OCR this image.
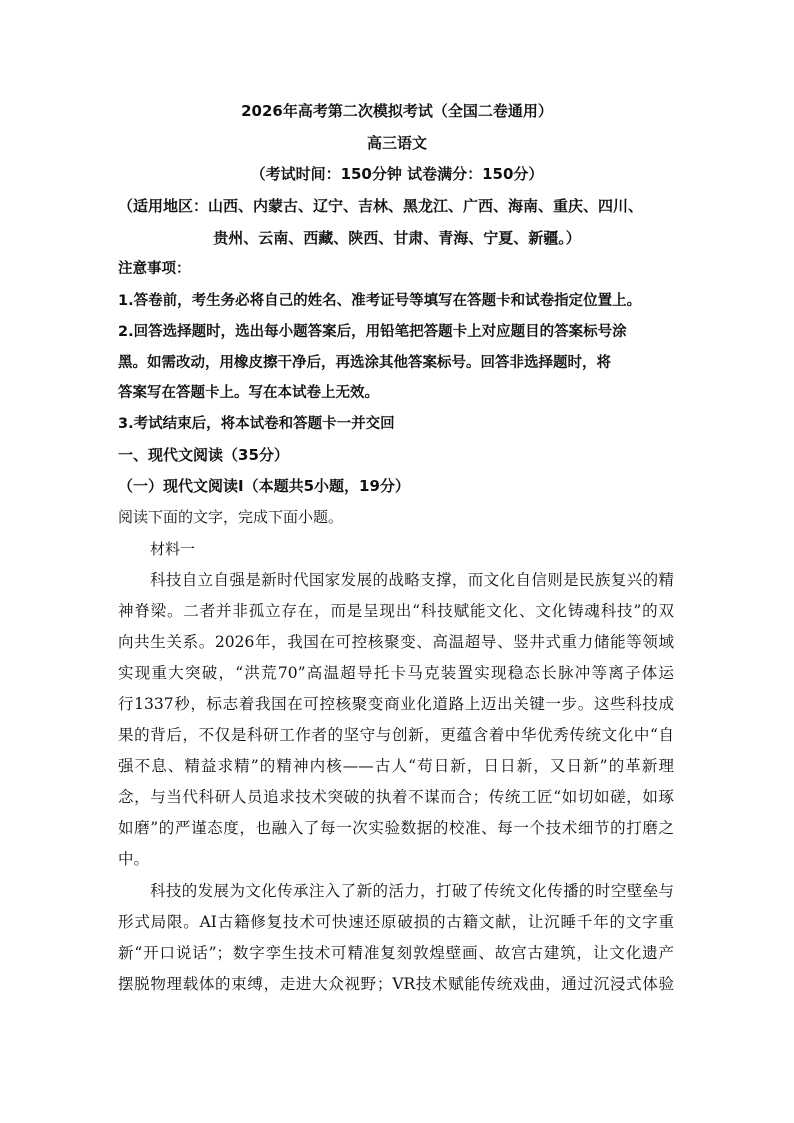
2026年高考第二次模拟考试（全国二卷通用）
高三语文
（考试时间：150分钟 试卷满分：150分）
（适用地区：山西、内蒙古、辽宁、吉林、黑龙江、广西、海南、重庆、四川、
贵州、云南、西藏、陕西、甘肃、青海、宁夏、新疆。）
注意事项：
1.答卷前，考生务必将自己的姓名、准考证号等填写在答题卡和试卷指定位置上。
2.回答选择题时，选出每小题答案后，用铅笔把答题卡上对应题目的答案标号涂
黑。如需改动，用橡皮擦干净后，再选涂其他答案标号。回答非选择题时，将
答案写在答题卡上。写在本试卷上无效。
3.考试结束后，将本试卷和答题卡一并交回
一、现代文阅读（35分）
（一）现代文阅读Ⅰ（本题共5小题，19分）
阅读下面的文字，完成下面小题。
材料一
科技自立自强是新时代国家发展的战略支撑，而文化自信则是民族复兴的精
神脊梁。二者并非孤立存在，而是呈现出“科技赋能文化、文化铸魂科技”的双
向共生关系。2026年，我国在可控核聚变、高温超导、竖井式重力储能等领域
实现重大突破，“洪荒70”高温超导托卡马克装置实现稳态长脉冲等离子体运
行1337秒，标志着我国在可控核聚变商业化道路上迈出关键一步。这些科技成
果的背后，不仅是科研工作者的坚守与创新，更蕴含着中华优秀传统文化中“自
强不息、精益求精”的精神内核——古人“苟日新，日日新，又日新”的革新理
念，与当代科研人员追求技术突破的执着不谋而合；传统工匠“如切如磋，如琢
如磨”的严谨态度，也融入了每一次实验数据的校准、每一个技术细节的打磨之
中。
科技的发展为文化传承注入了新的活力，打破了传统文化传播的时空壁垒与
形式局限。AI古籍修复技术可快速还原破损的古籍文献，让沉睡千年的文字重
新“开口说话”；数字孪生技术可精准复刻敦煌壁画、故宫古建筑，让文化遗产
摆脱物理载体的束缚，走进大众视野；VR技术赋能传统戏曲，通过沉浸式体验
